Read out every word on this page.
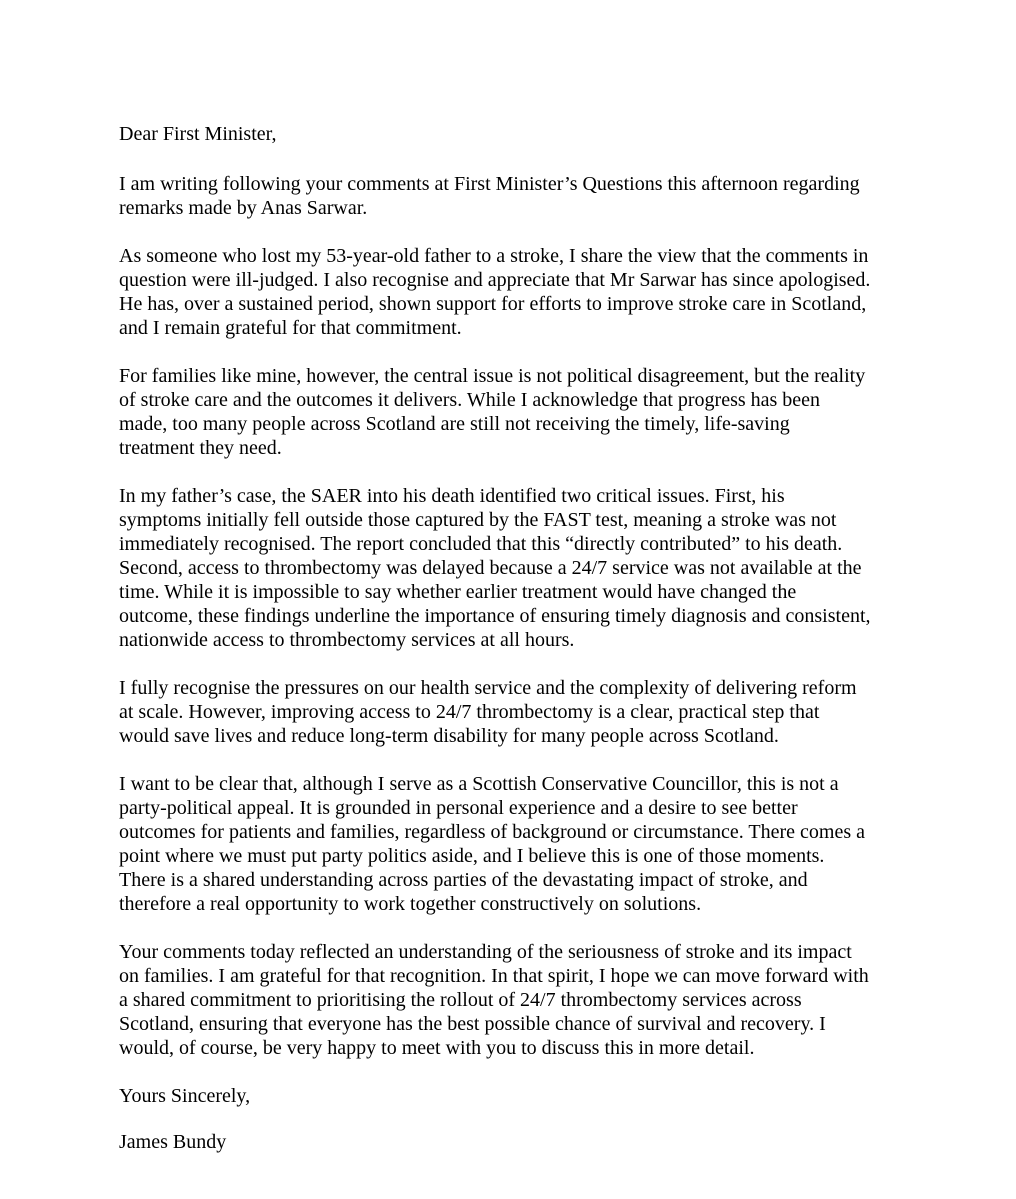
Dear First Minister,

I am writing following your comments at First Minister’s Questions this afternoon regarding
remarks made by Anas Sarwar.

As someone who lost my 53-year-old father to a stroke, I share the view that the comments in
question were ill-judged. I also recognise and appreciate that Mr Sarwar has since apologised.
He has, over a sustained period, shown support for efforts to improve stroke care in Scotland,
and I remain grateful for that commitment.

For families like mine, however, the central issue is not political disagreement, but the reality
of stroke care and the outcomes it delivers. While I acknowledge that progress has been
made, too many people across Scotland are still not receiving the timely, life-saving
treatment they need.

In my father’s case, the SAER into his death identified two critical issues. First, his
symptoms initially fell outside those captured by the FAST test, meaning a stroke was not
immediately recognised. The report concluded that this “directly contributed” to his death.
Second, access to thrombectomy was delayed because a 24/7 service was not available at the
time. While it is impossible to say whether earlier treatment would have changed the
outcome, these findings underline the importance of ensuring timely diagnosis and consistent,
nationwide access to thrombectomy services at all hours.

I fully recognise the pressures on our health service and the complexity of delivering reform
at scale. However, improving access to 24/7 thrombectomy is a clear, practical step that
would save lives and reduce long-term disability for many people across Scotland.

I want to be clear that, although I serve as a Scottish Conservative Councillor, this is not a
party-political appeal. It is grounded in personal experience and a desire to see better
outcomes for patients and families, regardless of background or circumstance. There comes a
point where we must put party politics aside, and I believe this is one of those moments.
There is a shared understanding across parties of the devastating impact of stroke, and
therefore a real opportunity to work together constructively on solutions.

Your comments today reflected an understanding of the seriousness of stroke and its impact
on families. I am grateful for that recognition. In that spirit, I hope we can move forward with
a shared commitment to prioritising the rollout of 24/7 thrombectomy services across
Scotland, ensuring that everyone has the best possible chance of survival and recovery. I
would, of course, be very happy to meet with you to discuss this in more detail.

Yours Sincerely,

James Bundy
